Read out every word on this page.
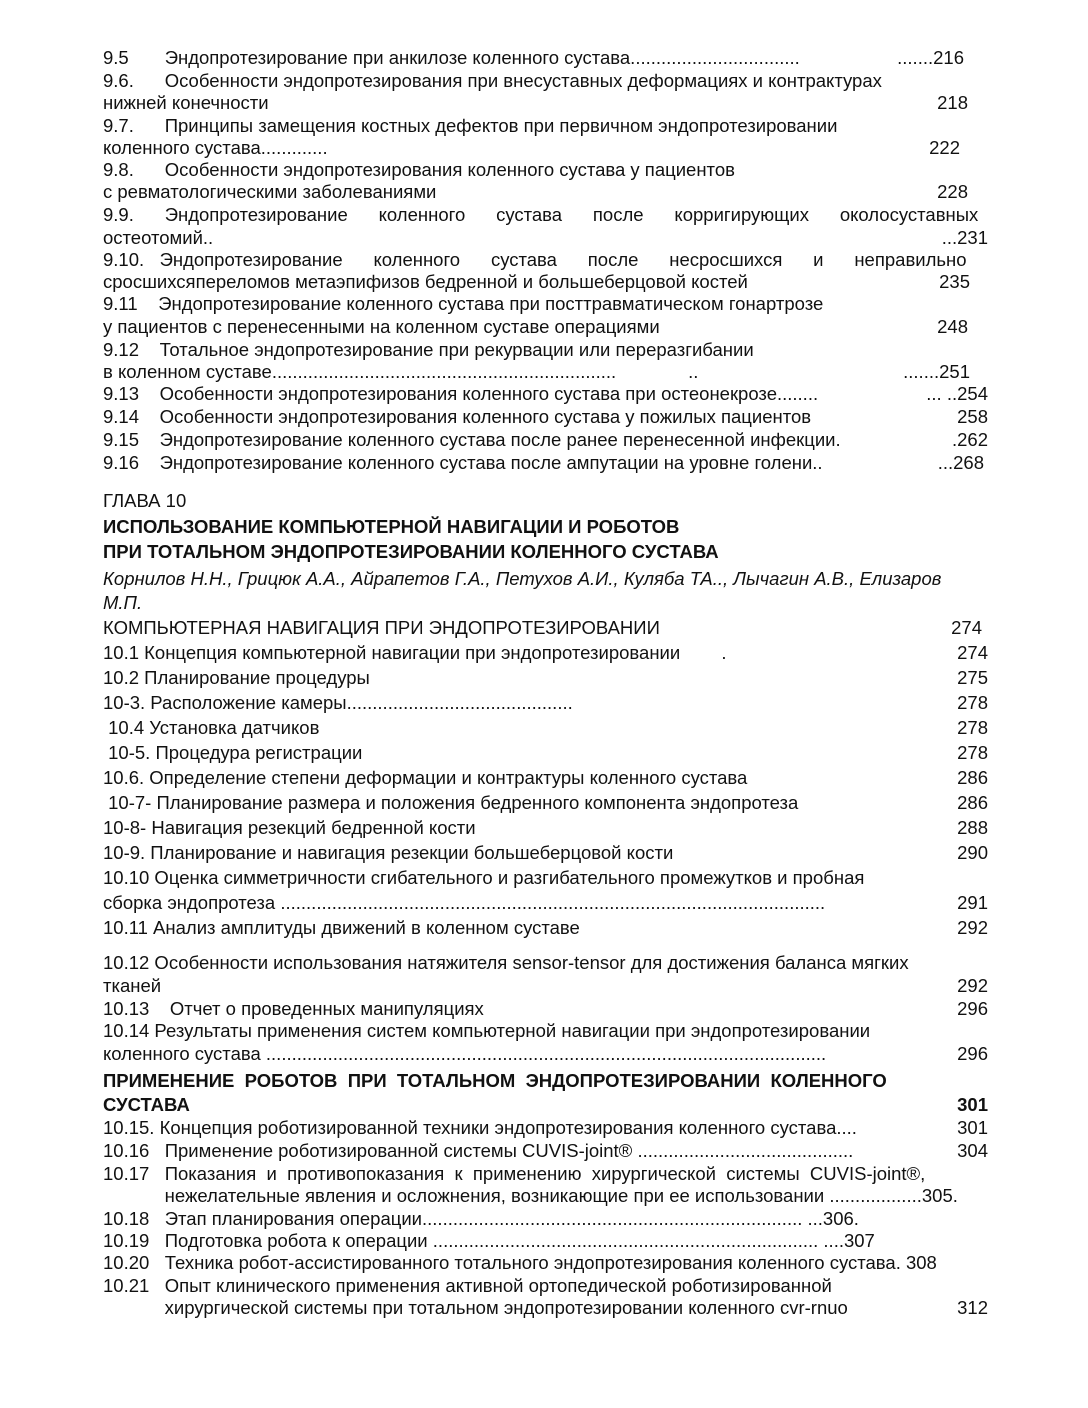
9.5       Эндопротезирование при анкилозе коленного сустава.................................	.......216
9.6.      Особенности эндопротезирования при внесуставных деформациях и контрактурах
нижней конечности	218
9.7.      Принципы замещения костных дефектов при первичном эндопротезировании
коленного сустава.............	222
9.8.      Особенности эндопротезирования коленного сустава у пациентов
с ревматологическими заболеваниями	228
9.9.      Эндопротезирование      коленного      сустава      после      корригирующих      околосуставных
остеотомий..	...231
9.10.   Эндопротезирование      коленного      сустава      после      несросшихся      и      неправильно
сросшихсяпереломов метаэпифизов бедренной и большеберцовой костей	235
9.11    Эндопротезирование коленного сустава при посттравматическом гонартрозе
у пациентов с перенесенными на коленном суставе операциями	248
9.12    Тотальное эндопротезирование при рекурвации или переразгибании
в коленном суставе...................................................................              ..	.......251
9.13    Особенности эндопротезирования коленного сустава при остеонекрозе........	... ..254
9.14    Особенности эндопротезирования коленного сустава у пожилых пациентов	258
9.15    Эндопротезирование коленного сустава после ранее перенесенной инфекции.	.262
9.16    Эндопротезирование коленного сустава после ампутации на уровне голени..	...268
ГЛАВА 10
ИСПОЛЬЗОВАНИЕ КОМПЬЮТЕРНОЙ НАВИГАЦИИ И РОБОТОВ
ПРИ ТОТАЛЬНОМ ЭНДОПРОТЕЗИРОВАНИИ КОЛЕННОГО СУСТАВА
Корнилов Н.Н., Грицюк А.А., Айрапетов Г.А., Петухов А.И., Куляба ТА.., Лычагин А.В., Елизаров
М.П.
КОМПЬЮТЕРНАЯ НАВИГАЦИЯ ПРИ ЭНДОПРОТЕЗИРОВАНИИ	274
10.1 Концепция компьютерной навигации при эндопротезировании        .	274
10.2 Планирование процедуры	275
10-3. Расположение камеры............................................	278
10.4 Установка датчиков	278
10-5. Процедура регистрации	278
10.6. Определение степени деформации и контрактуры коленного сустава	286
10-7- Планирование размера и положения бедренного компонента эндопротеза	286
10-8- Навигация резекций бедренной кости	288
10-9. Планирование и навигация резекции большеберцовой кости	290
10.10 Оценка симметричности сгибательного и разгибательного промежутков и пробная
сборка эндопротеза ..........................................................................................................	291
10.11 Анализ амплитуды движений в коленном суставе	292
10.12 Особенности использования натяжителя sensor-tensor для достижения баланса мягких
тканей	292
10.13    Отчет о проведенных манипуляциях	296
10.14 Результаты применения систем компьютерной навигации при эндопротезировании
коленного сустава .............................................................................................................	296
ПРИМЕНЕНИЕ  РОБОТОВ  ПРИ  ТОТАЛЬНОМ  ЭНДОПРОТЕЗИРОВАНИИ  КОЛЕННОГО
СУСТАВА	301
10.15. Концепция роботизированной техники эндопротезирования коленного сустава....	301
10.16   Применение роботизированной системы CUVIS-joint® ..........................................	304
10.17   Показания  и  противопоказания  к  применению  хирургической  системы  CUVIS-joint®,
нежелательные явления и осложнения, возникающие при ее использовании ..................305.
10.18   Этап планирования операции.......................................................................... ...306.
10.19   Подготовка робота к операции ........................................................................... ....307
10.20   Техника робот-ассистированного тотального эндопротезирования коленного сустава. 308
10.21   Опыт клинического применения активной ортопедической роботизированной
хирургической системы при тотальном эндопротезировании коленного cvr-rnuo	312
